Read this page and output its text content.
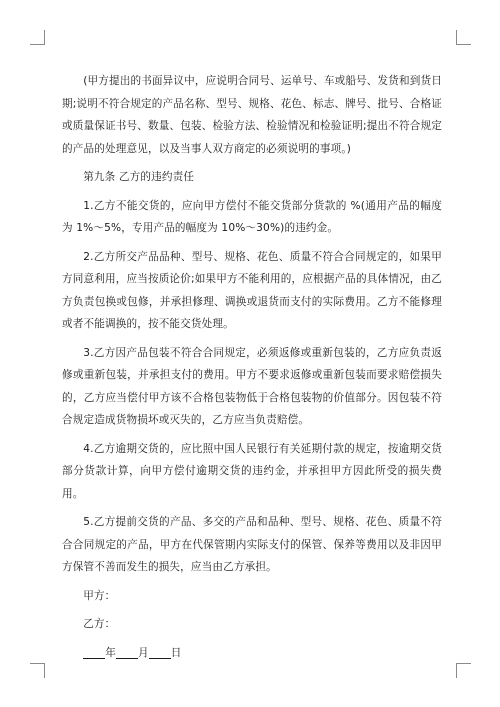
(甲方提出的书面异议中，应说明合同号、运单号、车或船号、发货和到货日期;说明不符合规定的产品名称、型号、规格、花色、标志、牌号、批号、合格证或质量保证书号、数量、包装、检验方法、检验情况和检验证明;提出不符合规定的产品的处理意见，以及当事人双方商定的必须说明的事项。)

第九条 乙方的违约责任

1.乙方不能交货的，应向甲方偿付不能交货部分货款的 %(通用产品的幅度为 1%～5%，专用产品的幅度为 10%～30%)的违约金。

2.乙方所交产品品种、型号、规格、花色、质量不符合合同规定的，如果甲方同意利用，应当按质论价;如果甲方不能利用的，应根据产品的具体情况，由乙方负责包换或包修，并承担修理、调换或退货而支付的实际费用。乙方不能修理或者不能调换的，按不能交货处理。

3.乙方因产品包装不符合合同规定，必须返修或重新包装的，乙方应负责返修或重新包装，并承担支付的费用。甲方不要求返修或重新包装而要求赔偿损失的，乙方应当偿付甲方该不合格包装物低于合格包装物的价值部分。因包装不符合规定造成货物损坏或灭失的，乙方应当负责赔偿。

4.乙方逾期交货的，应比照中国人民银行有关延期付款的规定，按逾期交货部分货款计算，向甲方偿付逾期交货的违约金，并承担甲方因此所受的损失费用。

5.乙方提前交货的产品、多交的产品和品种、型号、规格、花色、质量不符合合同规定的产品，甲方在代保管期内实际支付的保管、保养等费用以及非因甲方保管不善而发生的损失，应当由乙方承担。

甲方：

乙方：

年 月 日
